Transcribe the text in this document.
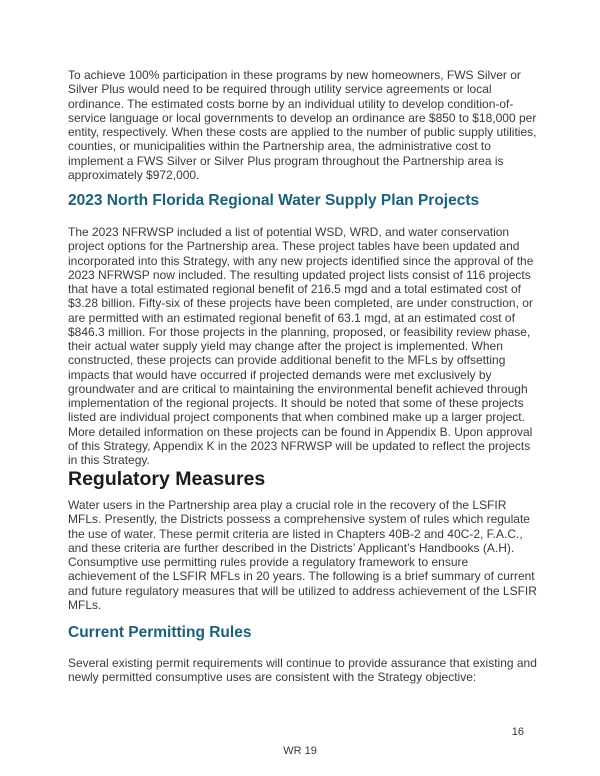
To achieve 100% participation in these programs by new homeowners, FWS Silver or Silver Plus would need to be required through utility service agreements or local ordinance. The estimated costs borne by an individual utility to develop condition-of-service language or local governments to develop an ordinance are $850 to $18,000 per entity, respectively. When these costs are applied to the number of public supply utilities, counties, or municipalities within the Partnership area, the administrative cost to implement a FWS Silver or Silver Plus program throughout the Partnership area is approximately $972,000.

2023 North Florida Regional Water Supply Plan Projects

The 2023 NFRWSP included a list of potential WSD, WRD, and water conservation project options for the Partnership area. These project tables have been updated and incorporated into this Strategy, with any new projects identified since the approval of the 2023 NFRWSP now included. The resulting updated project lists consist of 116 projects that have a total estimated regional benefit of 216.5 mgd and a total estimated cost of $3.28 billion. Fifty-six of these projects have been completed, are under construction, or are permitted with an estimated regional benefit of 63.1 mgd, at an estimated cost of $846.3 million. For those projects in the planning, proposed, or feasibility review phase, their actual water supply yield may change after the project is implemented. When constructed, these projects can provide additional benefit to the MFLs by offsetting impacts that would have occurred if projected demands were met exclusively by groundwater and are critical to maintaining the environmental benefit achieved through implementation of the regional projects. It should be noted that some of these projects listed are individual project components that when combined make up a larger project. More detailed information on these projects can be found in Appendix B. Upon approval of this Strategy, Appendix K in the 2023 NFRWSP will be updated to reflect the projects in this Strategy.

Regulatory Measures

Water users in the Partnership area play a crucial role in the recovery of the LSFIR MFLs. Presently, the Districts possess a comprehensive system of rules which regulate the use of water. These permit criteria are listed in Chapters 40B-2 and 40C-2, F.A.C., and these criteria are further described in the Districts’ Applicant’s Handbooks (A.H). Consumptive use permitting rules provide a regulatory framework to ensure achievement of the LSFIR MFLs in 20 years. The following is a brief summary of current and future regulatory measures that will be utilized to address achievement of the LSFIR MFLs.

Current Permitting Rules

Several existing permit requirements will continue to provide assurance that existing and newly permitted consumptive uses are consistent with the Strategy objective:

16
WR 19
